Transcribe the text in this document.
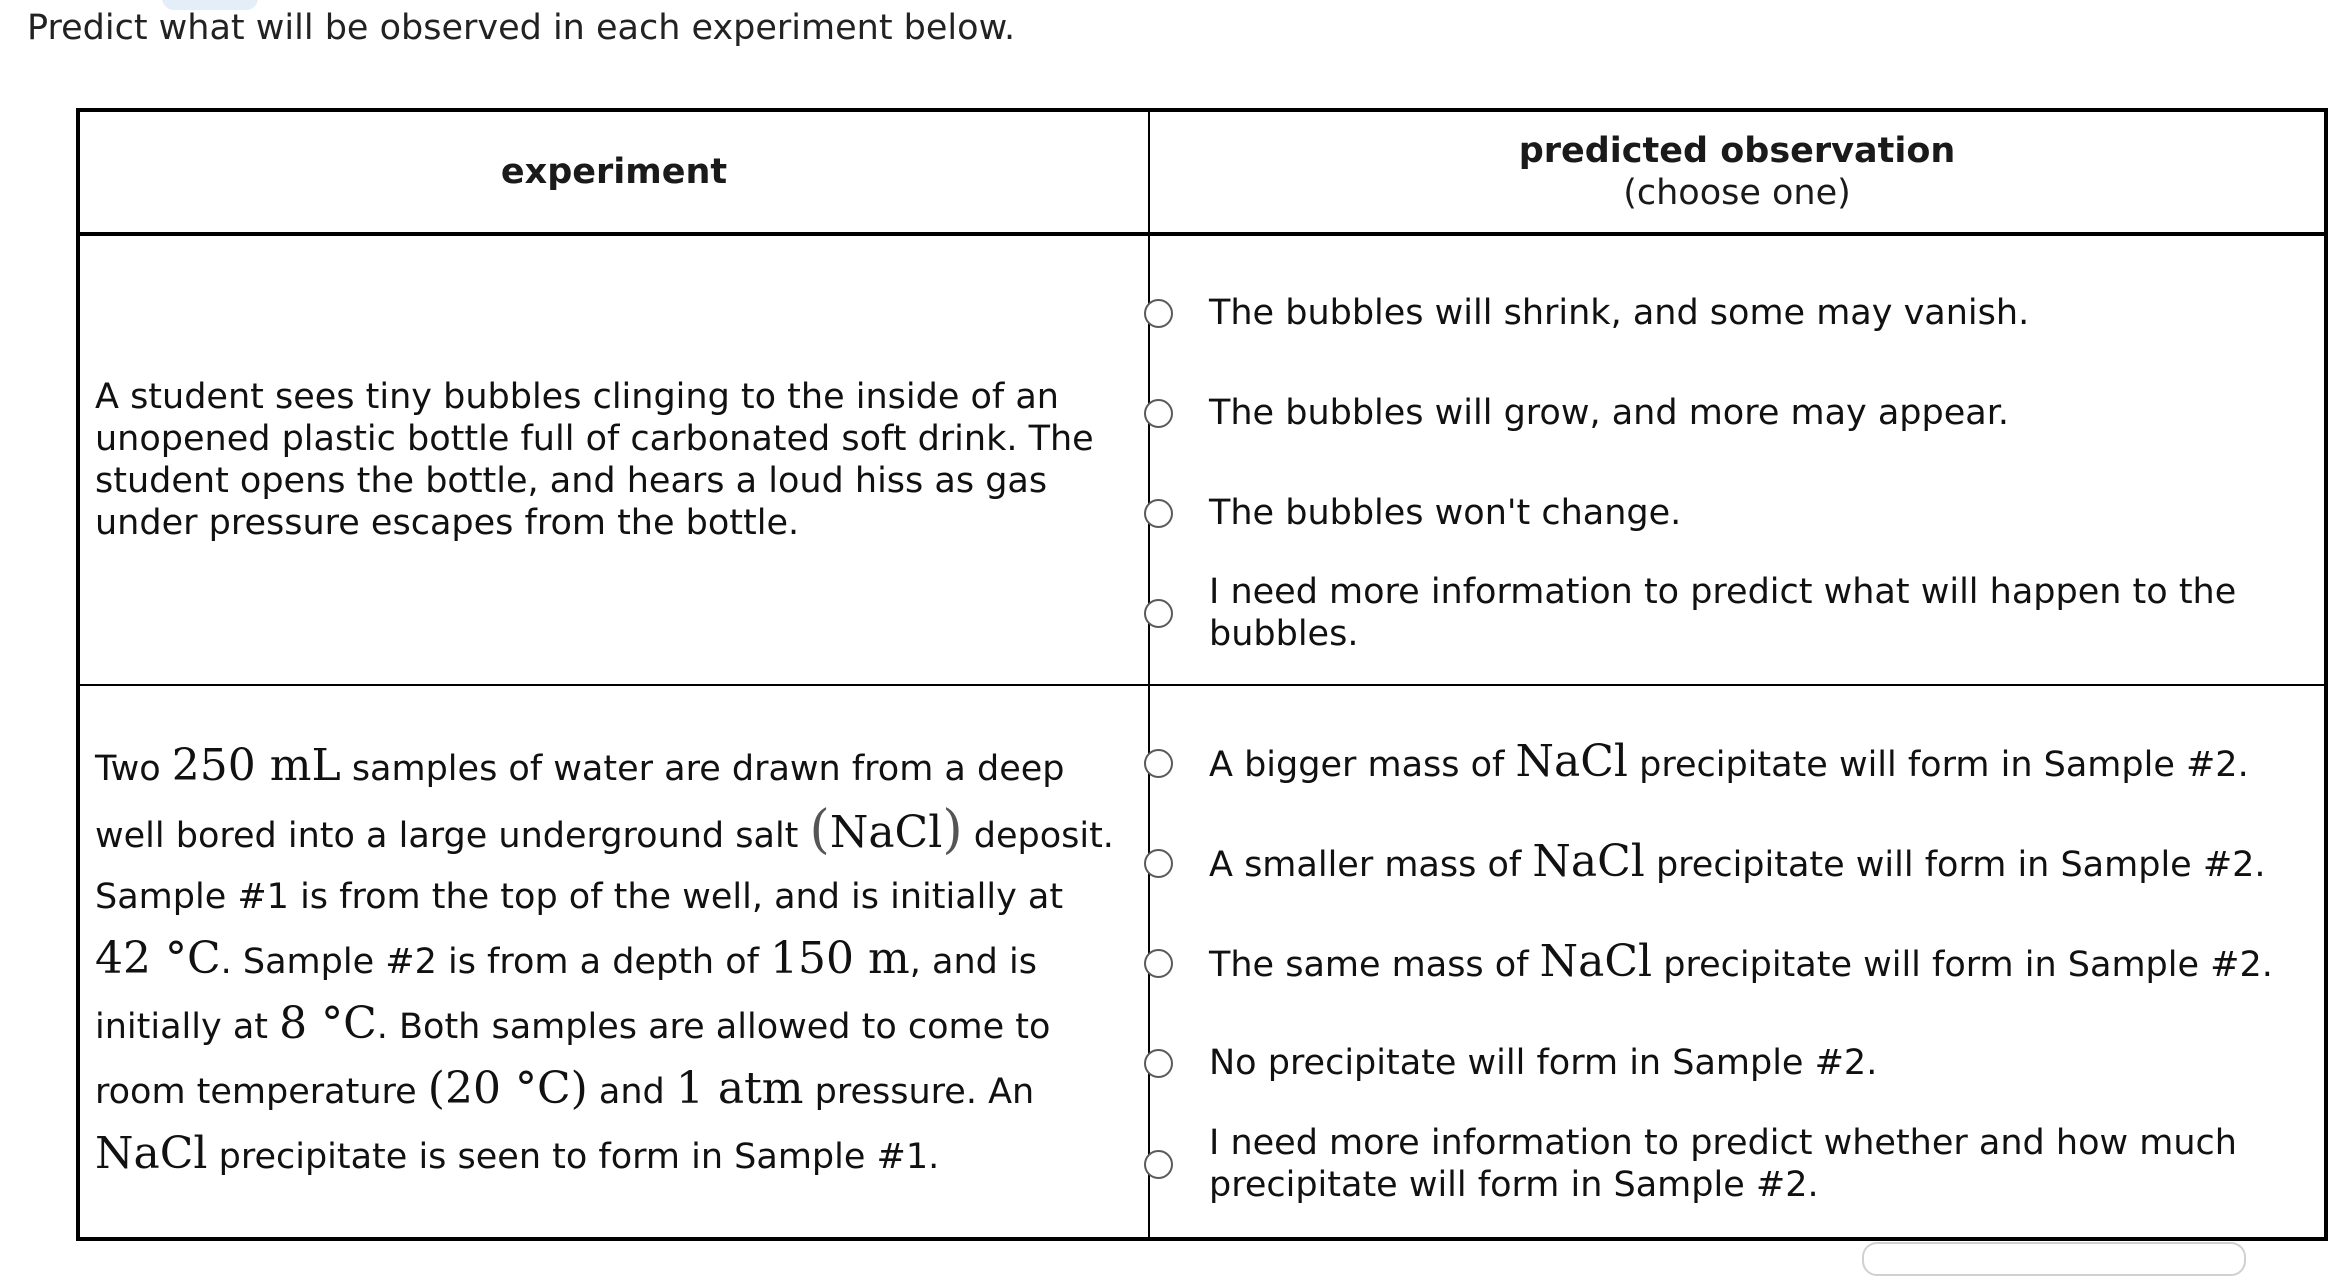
Predict what will be observed in each experiment below.
experiment
predicted observation
(choose one)
A student sees tiny bubbles clinging to the inside of an unopened plastic bottle full of carbonated soft drink. The student opens the bottle, and hears a loud hiss as gas under pressure escapes from the bottle.
The bubbles will shrink, and some may vanish.
The bubbles will grow, and more may appear.
The bubbles won't change.
I need more information to predict what will happen to the bubbles.
Two 250 mL samples of water are drawn from a deep well bored into a large underground salt (NaCl) deposit. Sample #1 is from the top of the well, and is initially at 42 °C. Sample #2 is from a depth of 150 m, and is initially at 8 °C. Both samples are allowed to come to room temperature (20 °C) and 1 atm pressure. An NaCl precipitate is seen to form in Sample #1.
A bigger mass of NaCl precipitate will form in Sample #2.
A smaller mass of NaCl precipitate will form in Sample #2.
The same mass of NaCl precipitate will form in Sample #2.
No precipitate will form in Sample #2.
I need more information to predict whether and how much precipitate will form in Sample #2.
